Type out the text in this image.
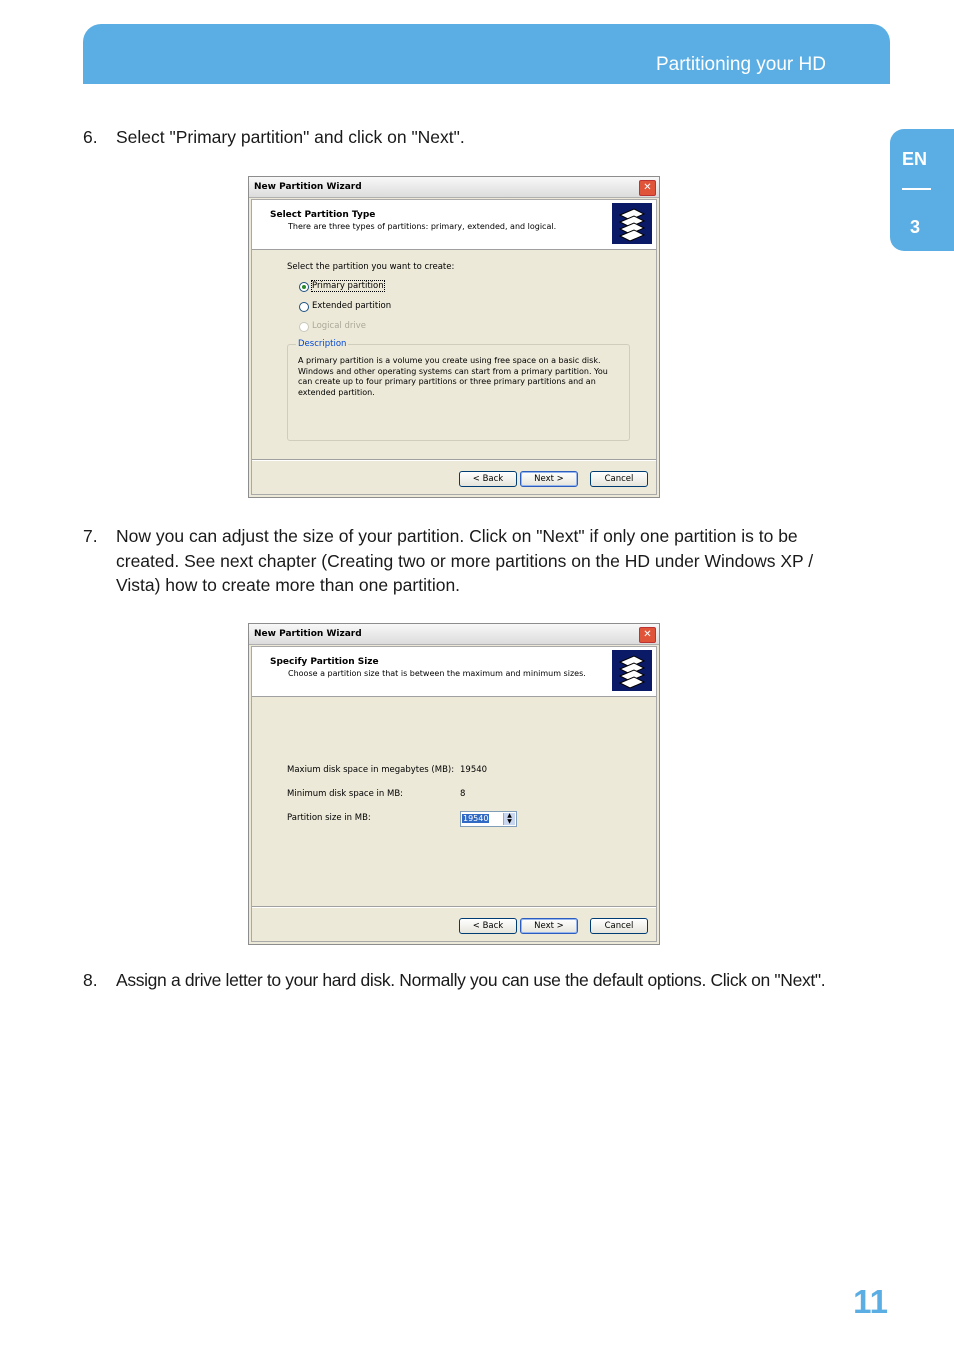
Partitioning your HD
EN
3
6. Select "Primary partition" and click on "Next".
New Partition Wizard	✕
Select Partition Type
There are three types of partitions: primary, extended, and logical.
Select the partition you want to create:
Primary partition
Extended partition
Logical drive
Description
A primary partition is a volume you create using free space on a basic disk. Windows and other operating systems can start from a primary partition. You can create up to four primary partitions or three primary partitions and an extended partition.
< Back	Next >	Cancel
7. Now you can adjust the size of your partition. Click on "Next" if only one partition is to be created. See next chapter (Creating two or more partitions on the HD under Windows XP / Vista) how to create more than one partition.
New Partition Wizard	✕
Specify Partition Size
Choose a partition size that is between the maximum and minimum sizes.
Maxium disk space in megabytes (MB): 19540
Minimum disk space in MB:	8
Partition size in MB:	19540	▲
▼
< Back	Next >	Cancel
8. Assign a drive letter to your hard disk. Normally you can use the default options. Click on "Next".
11
